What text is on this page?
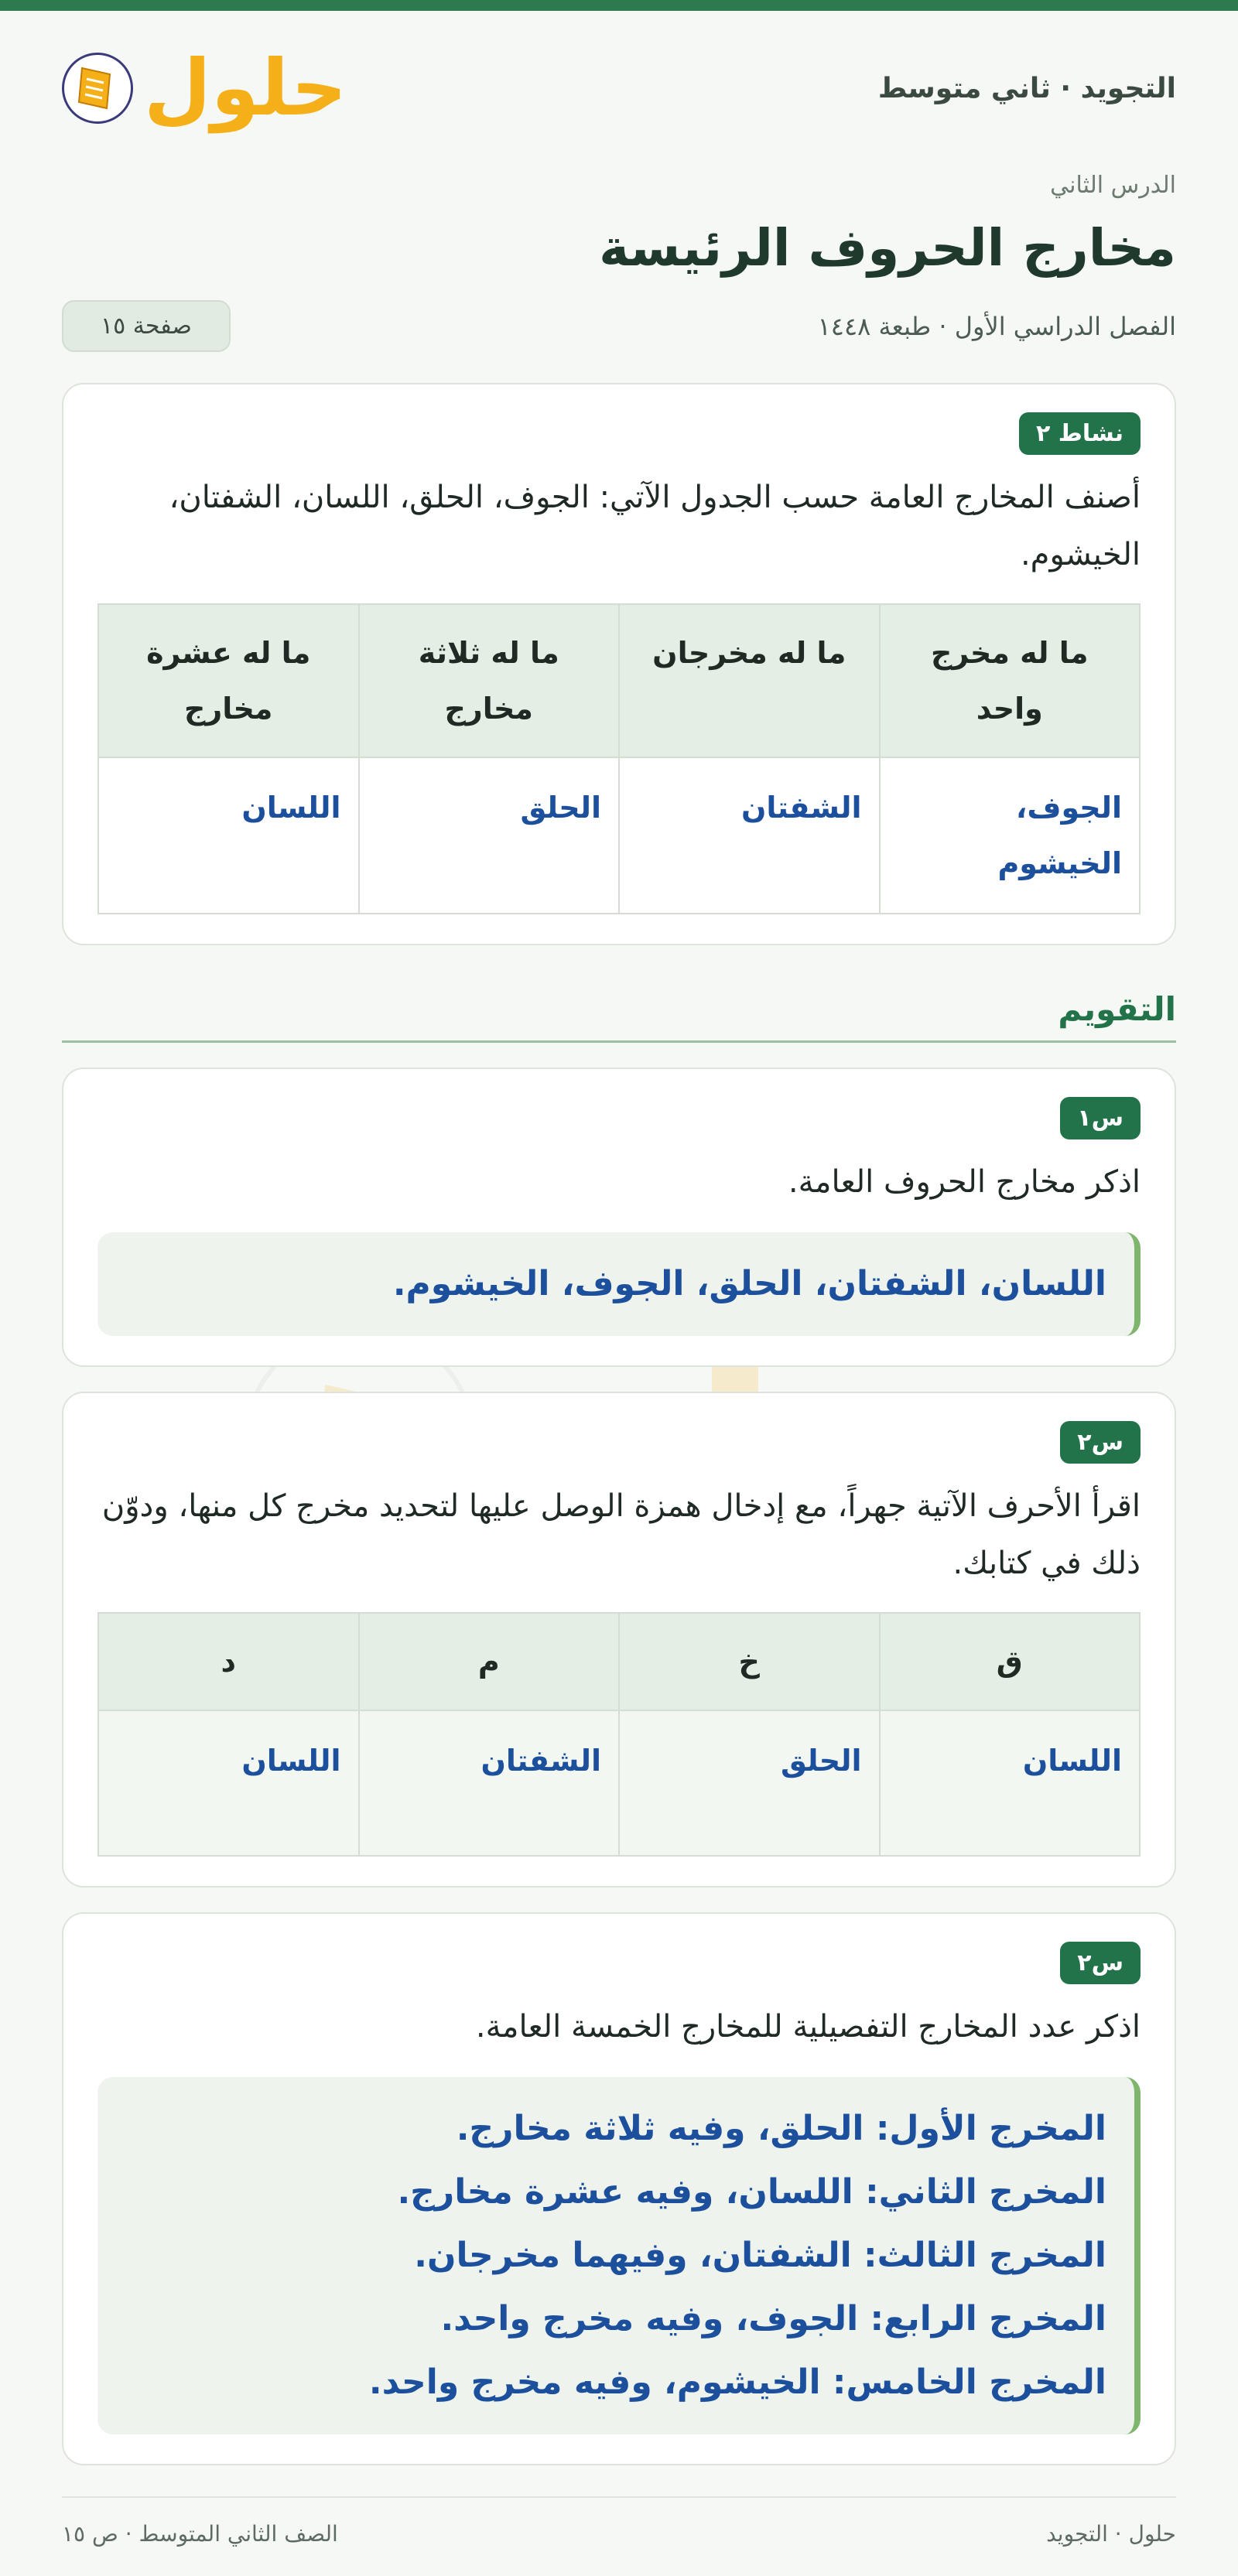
التجويد · ثاني متوسط
حلول
الدرس الثاني
مخارج الحروف الرئيسة
الفصل الدراسي الأول · طبعة ١٤٤٨
صفحة ١٥
نشاط ٢
أصنف المخارج العامة حسب الجدول الآتي: الجوف، الحلق، اللسان، الشفتان، الخيشوم.
ما له مخرج واحد	ما له مخرجان	ما له ثلاثة مخارج	ما له عشرة مخارج
الجوف، الخيشوم	الشفتان	الحلق	اللسان
التقويم
س١
اذكر مخارج الحروف العامة.
اللسان، الشفتان، الحلق، الجوف، الخيشوم.
س٢
اقرأ الأحرف الآتية جهراً، مع إدخال همزة الوصل عليها لتحديد مخرج كل منها، ودوّن ذلك في كتابك.
ق	خ	م	د
اللسان	الحلق	الشفتان	اللسان
س٢
اذكر عدد المخارج التفصيلية للمخارج الخمسة العامة.
المخرج الأول: الحلق، وفيه ثلاثة مخارج.
المخرج الثاني: اللسان، وفيه عشرة مخارج.
المخرج الثالث: الشفتان، وفيهما مخرجان.
المخرج الرابع: الجوف، وفيه مخرج واحد.
المخرج الخامس: الخيشوم، وفيه مخرج واحد.
حلول · التجويد
الصف الثاني المتوسط · ص ١٥
